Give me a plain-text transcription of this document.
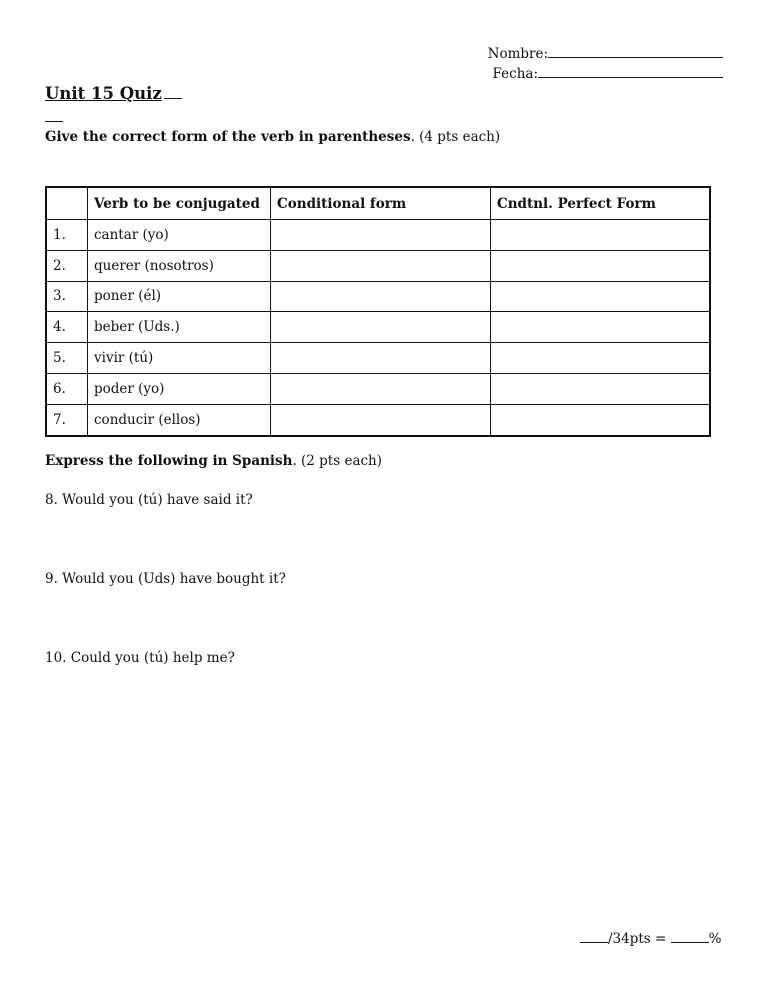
Nombre:
Fecha:
Unit 15 Quiz
Give the correct form of the verb in parentheses. (4 pts each)
	Verb to be conjugated	Conditional form	Cndtnl. Perfect Form
1.	cantar (yo)		
2.	querer (nosotros)		
3.	poner (él)		
4.	beber (Uds.)		
5.	vivir (tú)		
6.	poder (yo)		
7.	conducir (ellos)		
Express the following in Spanish. (2 pts each)
8. Would you (tú) have said it?
9. Would you (Uds) have bought it?
10. Could you (tú) help me?
/34pts =	%
